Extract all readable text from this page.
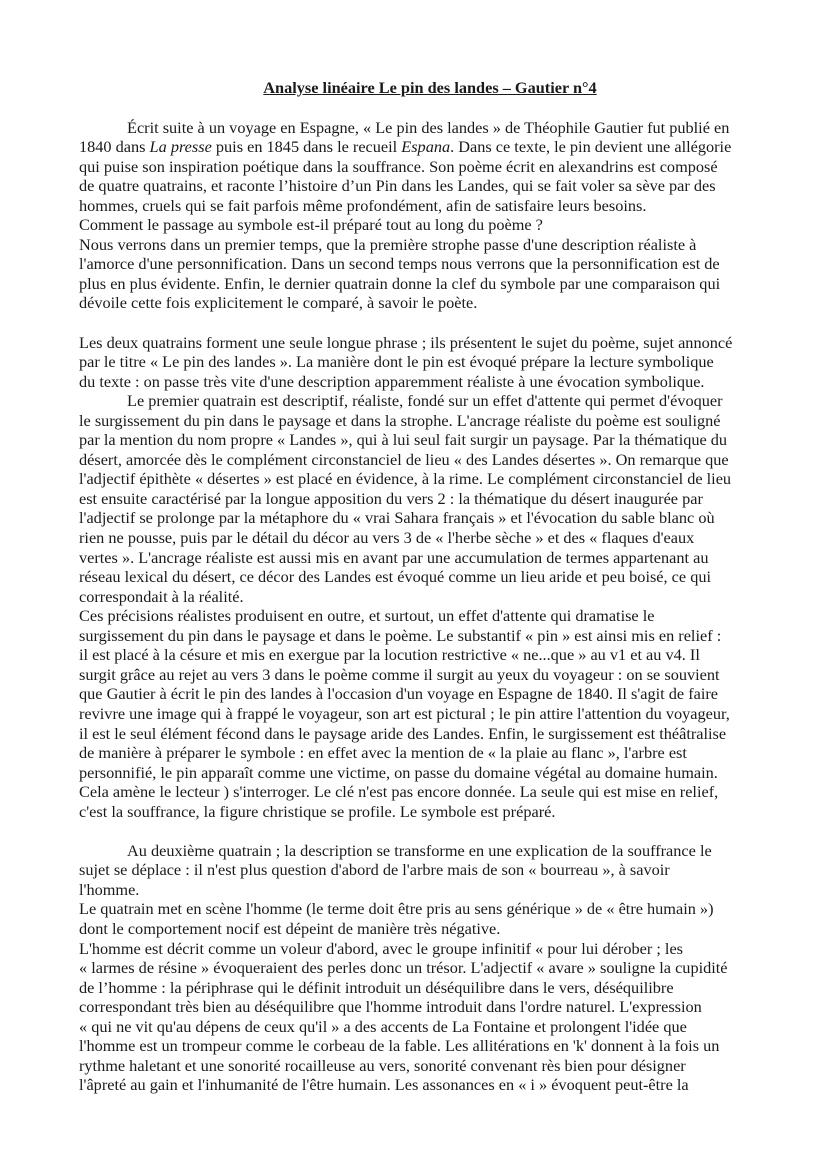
Analyse linéaire Le pin des landes – Gautier n°4

Écrit suite à un voyage en Espagne, « Le pin des landes » de Théophile Gautier fut publié en
1840 dans La presse puis en 1845 dans le recueil Espana. Dans ce texte, le pin devient une allégorie
qui puise son inspiration poétique dans la souffrance. Son poème écrit en alexandrins est composé
de quatre quatrains, et raconte l’histoire d’un Pin dans les Landes, qui se fait voler sa sève par des
hommes, cruels qui se fait parfois même profondément, afin de satisfaire leurs besoins.

Comment le passage au symbole est-il préparé tout au long du poème ?

Nous verrons dans un premier temps, que la première strophe passe d'une description réaliste à
l'amorce d'une personnification. Dans un second temps nous verrons que la personnification est de
plus en plus évidente. Enfin, le dernier quatrain donne la clef du symbole par une comparaison qui
dévoile cette fois explicitement le comparé, à savoir le poète.

Les deux quatrains forment une seule longue phrase ; ils présentent le sujet du poème, sujet annoncé
par le titre « Le pin des landes ». La manière dont le pin est évoqué prépare la lecture symbolique
du texte : on passe très vite d'une description apparemment réaliste à une évocation symbolique.

Le premier quatrain est descriptif, réaliste, fondé sur un effet d'attente qui permet d'évoquer
le surgissement du pin dans le paysage et dans la strophe. L'ancrage réaliste du poème est souligné
par la mention du nom propre « Landes », qui à lui seul fait surgir un paysage. Par la thématique du
désert, amorcée dès le complément circonstanciel de lieu « des Landes désertes ». On remarque que
l'adjectif épithète « désertes » est placé en évidence, à la rime. Le complément circonstanciel de lieu
est ensuite caractérisé par la longue apposition du vers 2 : la thématique du désert inaugurée par
l'adjectif se prolonge par la métaphore du « vrai Sahara français » et l'évocation du sable blanc où
rien ne pousse, puis par le détail du décor au vers 3 de « l'herbe sèche » et des « flaques d'eaux
vertes ». L'ancrage réaliste est aussi mis en avant par une accumulation de termes appartenant au
réseau lexical du désert, ce décor des Landes est évoqué comme un lieu aride et peu boisé, ce qui
correspondait à la réalité.

Ces précisions réalistes produisent en outre, et surtout, un effet d'attente qui dramatise le
surgissement du pin dans le paysage et dans le poème. Le substantif « pin » est ainsi mis en relief :
il est placé à la césure et mis en exergue par la locution restrictive « ne...que » au v1 et au v4. Il
surgit grâce au rejet au vers 3 dans le poème comme il surgit au yeux du voyageur : on se souvient
que Gautier à écrit le pin des landes à l'occasion d'un voyage en Espagne de 1840. Il s'agit de faire
revivre une image qui à frappé le voyageur, son art est pictural ; le pin attire l'attention du voyageur,
il est le seul élément fécond dans le paysage aride des Landes. Enfin, le surgissement est théâtralise
de manière à préparer le symbole : en effet avec la mention de « la plaie au flanc », l'arbre est
personnifié, le pin apparaît comme une victime, on passe du domaine végétal au domaine humain.
Cela amène le lecteur ) s'interroger. Le clé n'est pas encore donnée. La seule qui est mise en relief,
c'est la souffrance, la figure christique se profile. Le symbole est préparé.

Au deuxième quatrain ; la description se transforme en une explication de la souffrance le
sujet se déplace : il n'est plus question d'abord de l'arbre mais de son « bourreau », à savoir
l'homme.

Le quatrain met en scène l'homme (le terme doit être pris au sens générique » de « être humain »)
dont le comportement nocif est dépeint de manière très négative.

L'homme est décrit comme un voleur d'abord, avec le groupe infinitif « pour lui dérober ; les
« larmes de résine » évoqueraient des perles donc un trésor. L'adjectif « avare » souligne la cupidité
de l’homme : la périphrase qui le définit introduit un déséquilibre dans le vers, déséquilibre
correspondant très bien au déséquilibre que l'homme introduit dans l'ordre naturel. L'expression
« qui ne vit qu'au dépens de ceux qu'il » a des accents de La Fontaine et prolongent l'idée que
l'homme est un trompeur comme le corbeau de la fable. Les allitérations en 'k' donnent à la fois un
rythme haletant et une sonorité rocailleuse au vers, sonorité convenant rès bien pour désigner
l'âpreté au gain et l'inhumanité de l'être humain. Les assonances en « i » évoquent peut-être la
